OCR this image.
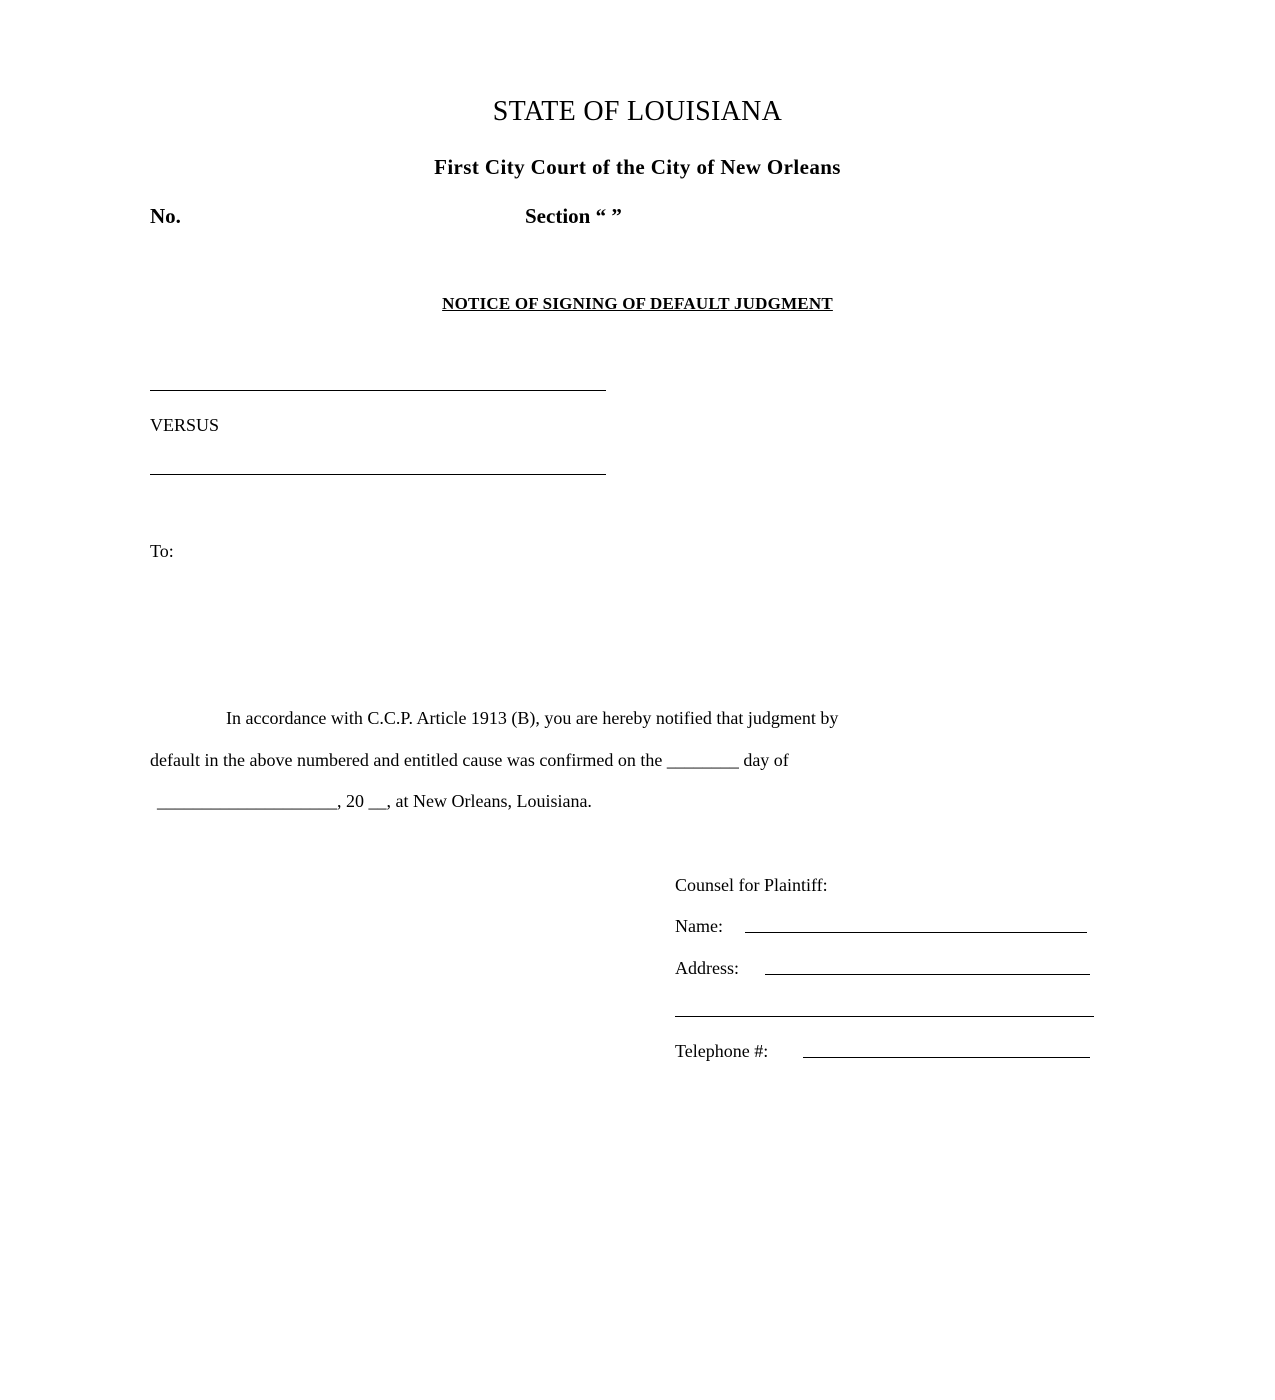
STATE OF LOUISIANA
First City Court of the City of New Orleans
No.	Section “ ”
NOTICE OF SIGNING OF DEFAULT JUDGMENT
VERSUS
To:
In accordance with C.C.P. Article 1913 (B), you are hereby notified that judgment by
default in the above numbered and entitled cause was confirmed on the ________ day of
____________________, 20 __, at New Orleans, Louisiana.
Counsel for Plaintiff:
Name:
Address:
Telephone #:
